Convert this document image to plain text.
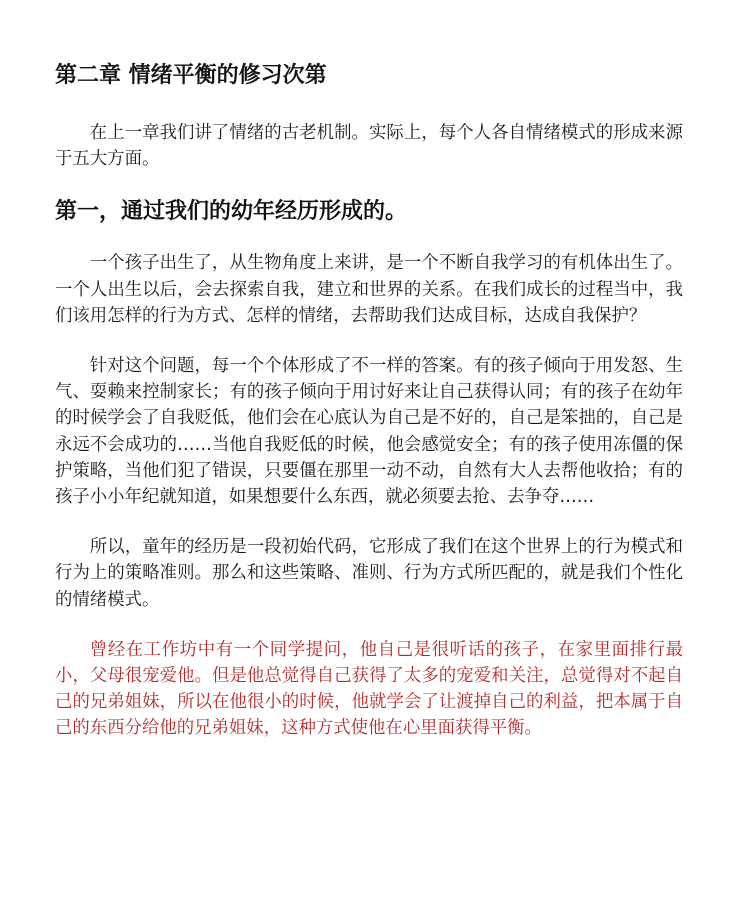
第二章 情绪平衡的修习次第

在上一章我们讲了情绪的古老机制。实际上，每个人各自情绪模式的形成来源于五大方面。

第一，通过我们的幼年经历形成的。

一个孩子出生了，从生物角度上来讲，是一个不断自我学习的有机体出生了。一个人出生以后，会去探索自我，建立和世界的关系。在我们成长的过程当中，我们该用怎样的行为方式、怎样的情绪，去帮助我们达成目标，达成自我保护？

针对这个问题，每一个个体形成了不一样的答案。有的孩子倾向于用发怒、生气、耍赖来控制家长；有的孩子倾向于用讨好来让自己获得认同；有的孩子在幼年的时候学会了自我贬低，他们会在心底认为自己是不好的，自己是笨拙的，自己是永远不会成功的……当他自我贬低的时候，他会感觉安全；有的孩子使用冻僵的保护策略，当他们犯了错误，只要僵在那里一动不动，自然有大人去帮他收拾；有的孩子小小年纪就知道，如果想要什么东西，就必须要去抢、去争夺……

所以，童年的经历是一段初始代码，它形成了我们在这个世界上的行为模式和行为上的策略准则。那么和这些策略、准则、行为方式所匹配的，就是我们个性化的情绪模式。

曾经在工作坊中有一个同学提问，他自己是很听话的孩子，在家里面排行最小，父母很宠爱他。但是他总觉得自己获得了太多的宠爱和关注，总觉得对不起自己的兄弟姐妹，所以在他很小的时候，他就学会了让渡掉自己的利益，把本属于自己的东西分给他的兄弟姐妹，这种方式使他在心里面获得平衡。
